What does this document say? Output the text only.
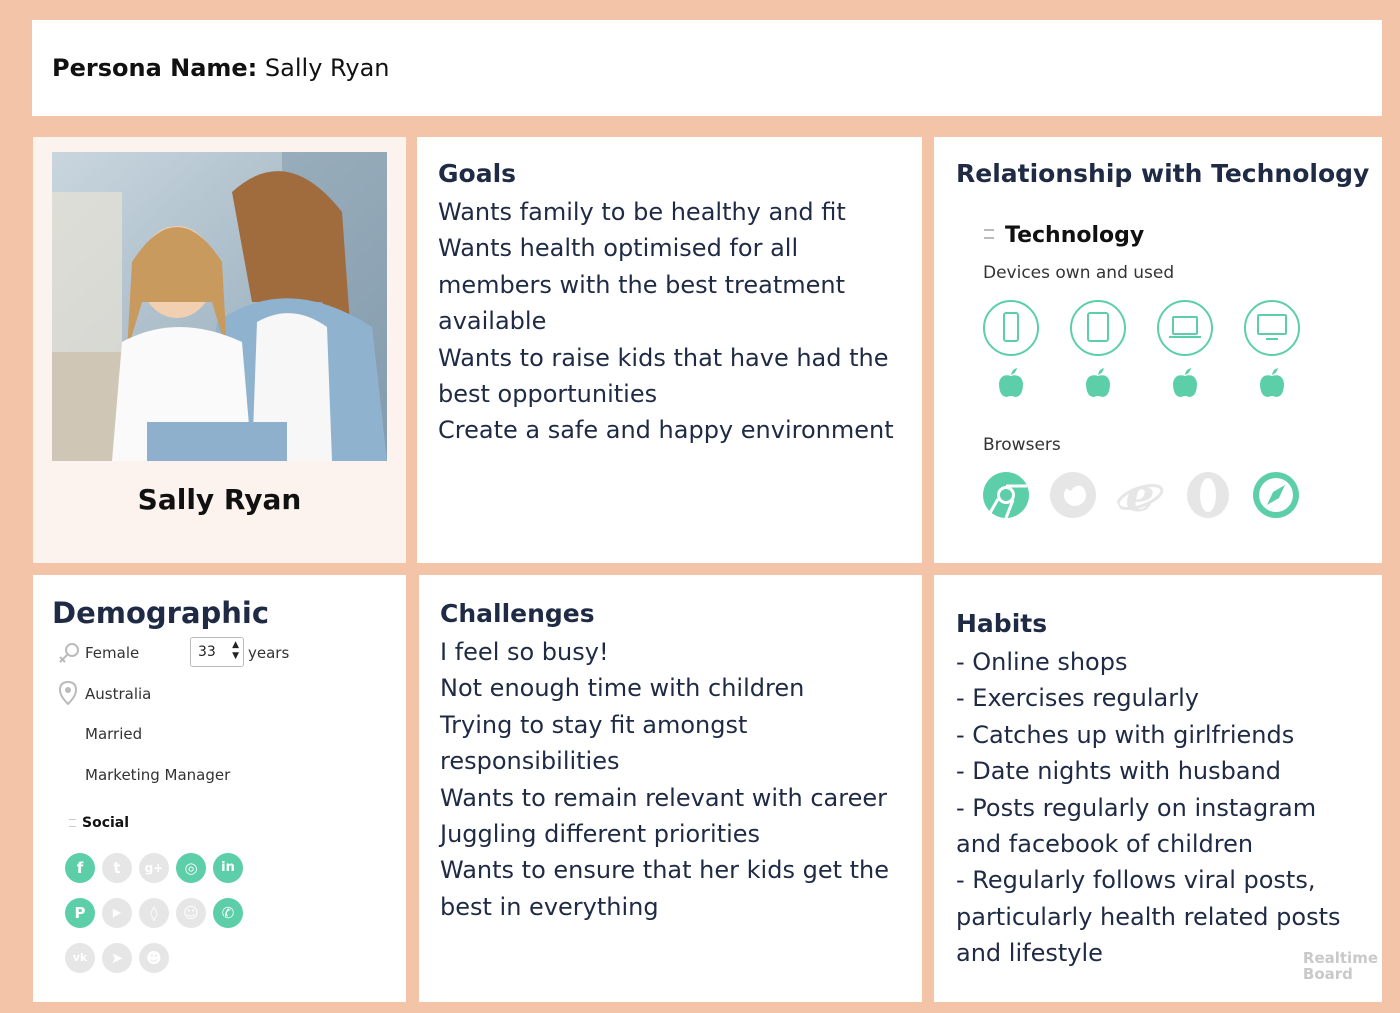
Persona Name: Sally Ryan
Sally Ryan
Goals
Wants family to be healthy and fit
Wants health optimised for all
members with the best treatment
available
Wants to raise kids that have had the
best opportunities
Create a safe and happy environment
Relationship with Technology
Technology
Devices own and used
Browsers
e
Demographic
Female	33 ▲
▼ years
Australia
Married
Marketing Manager
Social
f	t	g+	◎	in
P	▶	◊	☺	✆
vk	➤	☻
Challenges
I feel so busy!
Not enough time with children
Trying to stay fit amongst
responsibilities
Wants to remain relevant with career
Juggling different priorities
Wants to ensure that her kids get the
best in everything
Habits
- Online shops
- Exercises regularly
- Catches up with girlfriends
- Date nights with husband
- Posts regularly on instagram
and facebook of children
- Regularly follows viral posts,
particularly health related posts
and lifestyle	Realtime
Board
